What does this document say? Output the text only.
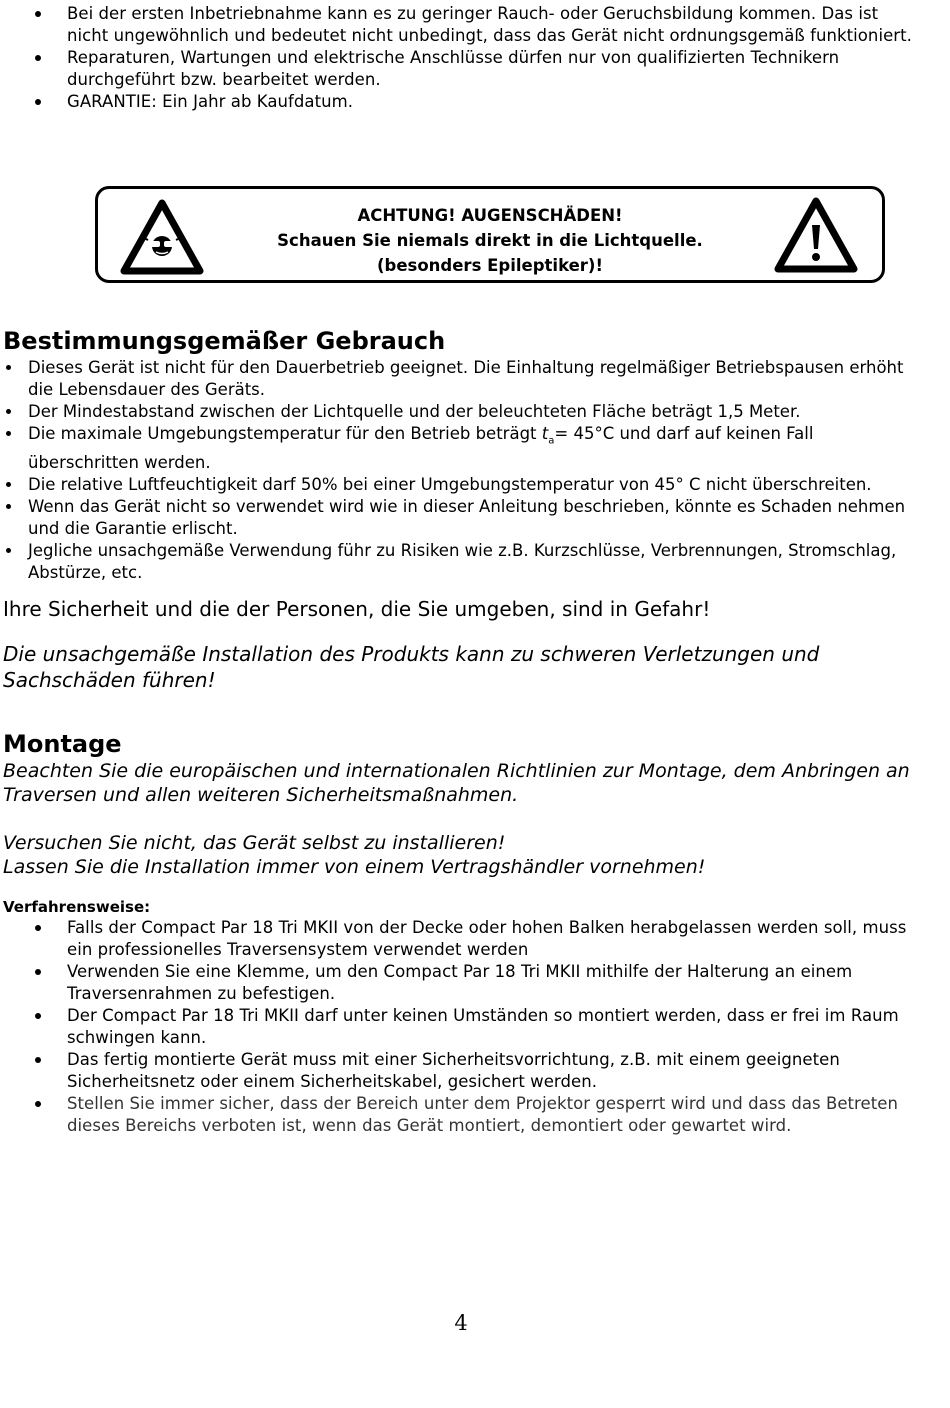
Bei der ersten Inbetriebnahme kann es zu geringer Rauch- oder Geruchsbildung kommen. Das ist nicht ungewöhnlich und bedeutet nicht unbedingt, dass das Gerät nicht ordnungsgemäß funktioniert.
Reparaturen, Wartungen und elektrische Anschlüsse dürfen nur von qualifizierten Technikern durchgeführt bzw. bearbeitet werden.
GARANTIE: Ein Jahr ab Kaufdatum.
ACHTUNG! AUGENSCHÄDEN!
Schauen Sie niemals direkt in die Lichtquelle.
(besonders Epileptiker)!
Bestimmungsgemäßer Gebrauch
Dieses Gerät ist nicht für den Dauerbetrieb geeignet. Die Einhaltung regelmäßiger Betriebspausen erhöht die Lebensdauer des Geräts.
Der Mindestabstand zwischen der Lichtquelle und der beleuchteten Fläche beträgt 1,5 Meter.
Die maximale Umgebungstemperatur für den Betrieb beträgt $t_a= 45^\circ C$ und darf auf keinen Fall überschritten werden.
Die relative Luftfeuchtigkeit darf 50% bei einer Umgebungstemperatur von 45° C nicht überschreiten.
Wenn das Gerät nicht so verwendet wird wie in dieser Anleitung beschrieben, könnte es Schaden nehmen und die Garantie erlischt.
Jegliche unsachgemäße Verwendung führ zu Risiken wie z.B. Kurzschlüsse, Verbrennungen, Stromschlag, Abstürze, etc.

Ihre Sicherheit und die der Personen, die Sie umgeben, sind in Gefahr!

Die unsachgemäße Installation des Produkts kann zu schweren Verletzungen und Sachschäden führen!

Montage

Beachten Sie die europäischen und internationalen Richtlinien zur Montage, dem Anbringen an Traversen und allen weiteren Sicherheitsmaßnahmen.

Versuchen Sie nicht, das Gerät selbst zu installieren!

Lassen Sie die Installation immer von einem Vertragshändler vornehmen!

Verfahrensweise:

Falls der Compact Par 18 Tri MKII von der Decke oder hohen Balken herabgelassen werden soll, muss ein professionelles Traversensystem verwendet werden
Verwenden Sie eine Klemme, um den Compact Par 18 Tri MKII mithilfe der Halterung an einem Traversenrahmen zu befestigen.
Der Compact Par 18 Tri MKII darf unter keinen Umständen so montiert werden, dass er frei im Raum schwingen kann.
Das fertig montierte Gerät muss mit einer Sicherheitsvorrichtung, z.B. mit einem geeigneten Sicherheitsnetz oder einem Sicherheitskabel, gesichert werden.
Stellen Sie immer sicher, dass der Bereich unter dem Projektor gesperrt wird und dass das Betreten dieses Bereichs verboten ist, wenn das Gerät montiert, demontiert oder gewartet wird.
4
